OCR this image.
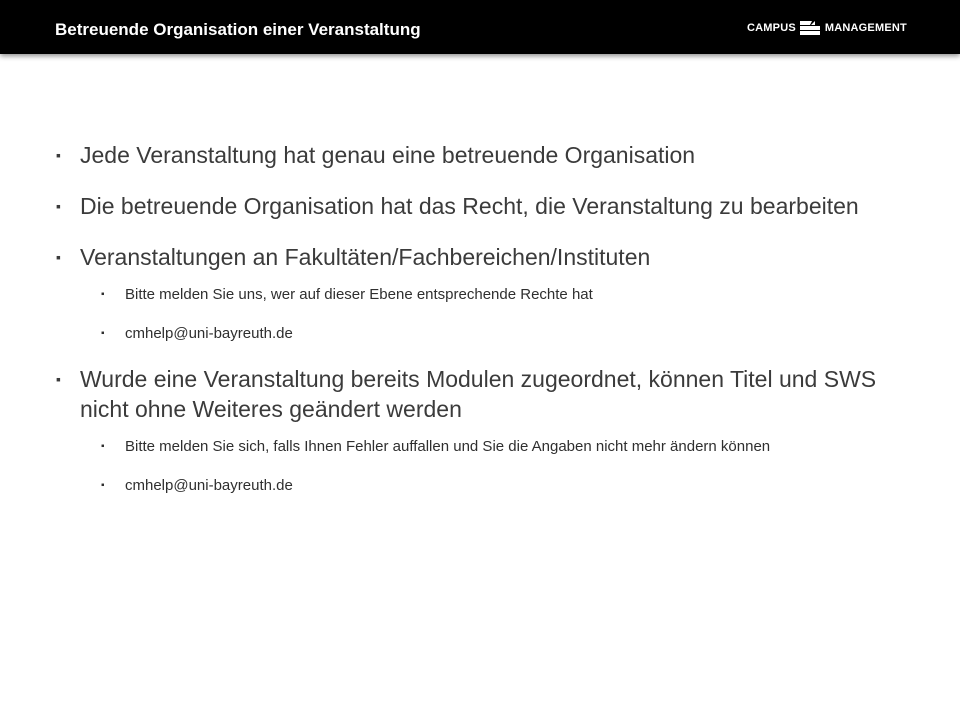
Betreuende Organisation einer Veranstaltung	CAMPUS	MANAGEMENT
▪ Jede Veranstaltung hat genau eine betreuende Organisation
▪ Die betreuende Organisation hat das Recht, die Veranstaltung zu bearbeiten
▪ Veranstaltungen an Fakultäten/Fachbereichen/Instituten
▪ Bitte melden Sie uns, wer auf dieser Ebene entsprechende Rechte hat
▪ cmhelp@uni-bayreuth.de
▪ Wurde eine Veranstaltung bereits Modulen zugeordnet, können Titel und SWS nicht ohne Weiteres geändert werden
▪ Bitte melden Sie sich, falls Ihnen Fehler auffallen und Sie die Angaben nicht mehr ändern können
▪ cmhelp@uni-bayreuth.de
